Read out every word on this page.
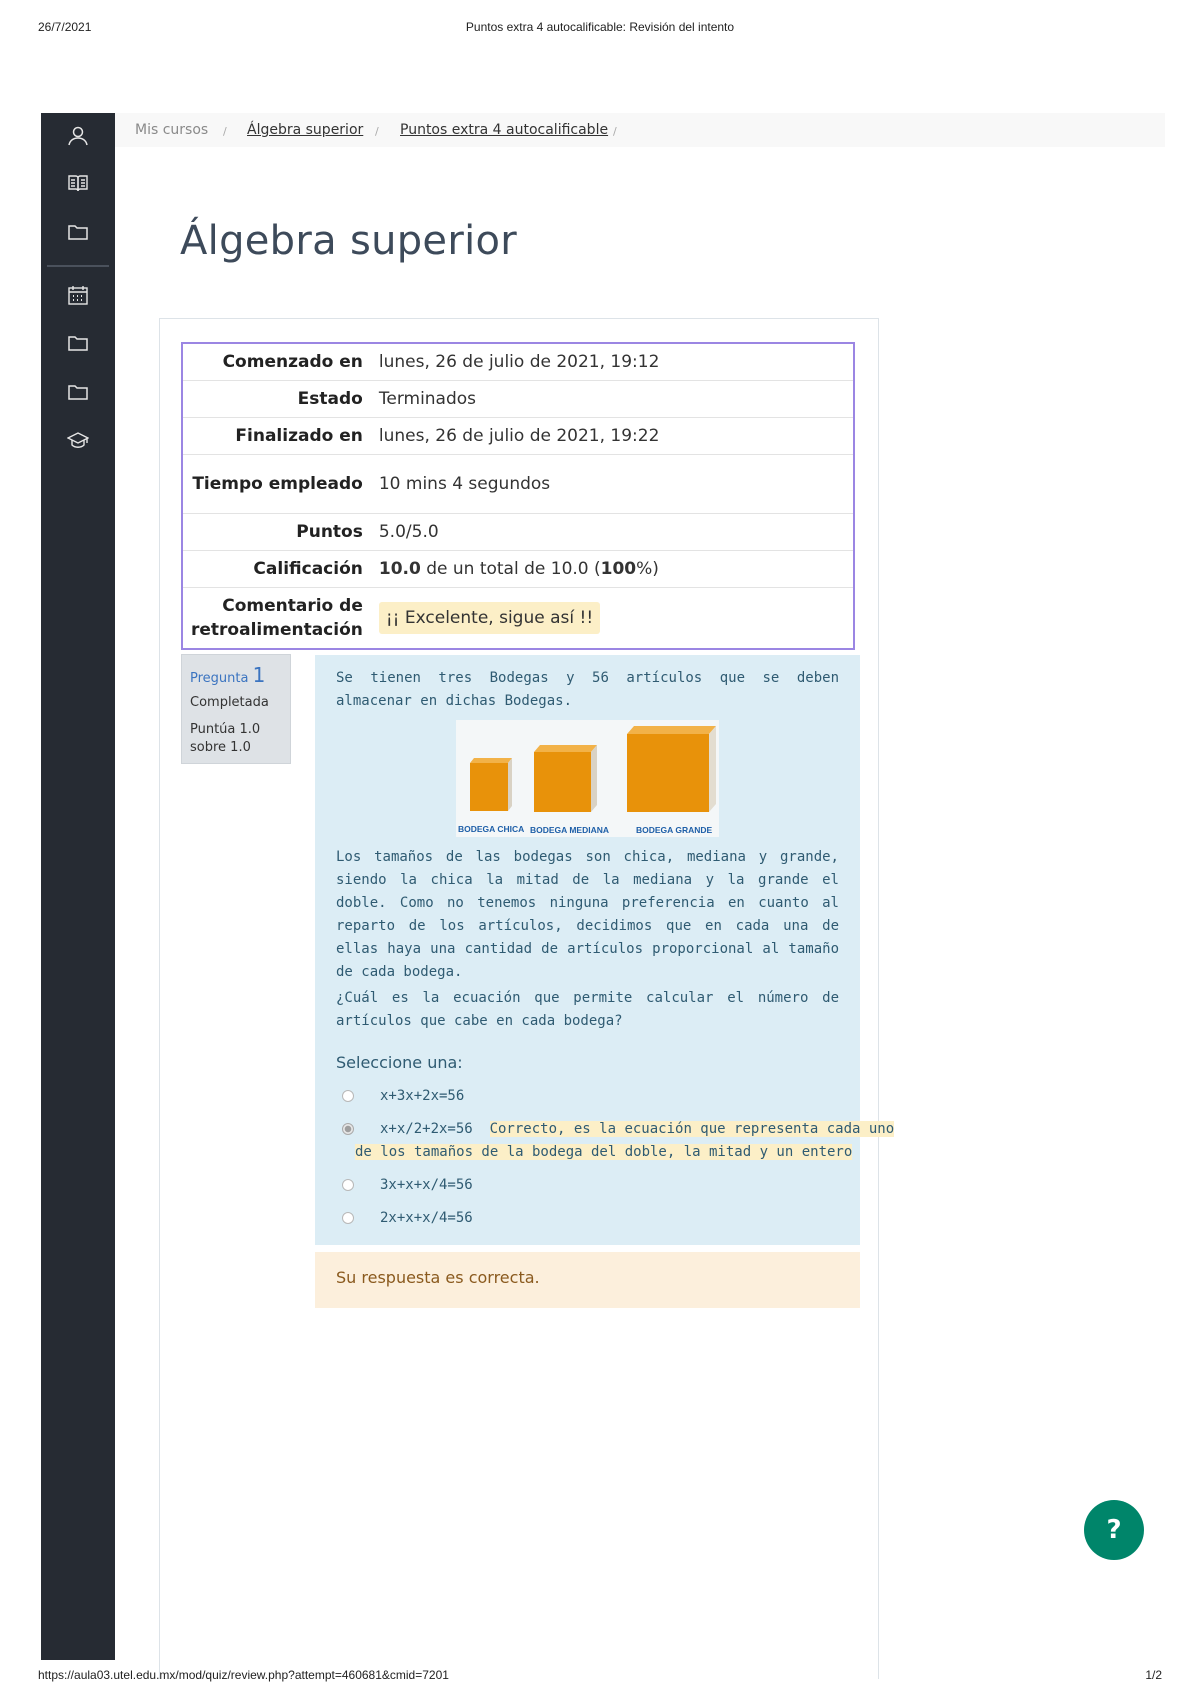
26/7/2021	Puntos extra 4 autocalificable: Revisión del intento
Mis cursos / Álgebra superior / Puntos extra 4 autocalificable /
Álgebra superior
Comenzado en	lunes, 26 de julio de 2021, 19:12
Estado	Terminados
Finalizado en	lunes, 26 de julio de 2021, 19:22
Tiempo empleado	10 mins 4 segundos
Puntos	5.0/5.0
Calificación	10.0 de un total de 10.0 (100%)
Comentario de retroalimentación	¡¡ Excelente, sigue así !!
Pregunta 1
Completada
Puntúa 1.0 sobre 1.0

Se tienen tres Bodegas y 56 artículos que se deben almacenar en dichas Bodegas.

BODEGA CHICA BODEGA MEDIANA	BODEGA GRANDE

Los tamaños de las bodegas son chica, mediana y grande, siendo la chica la mitad de la mediana y la grande el doble. Como no tenemos ninguna preferencia en cuanto al reparto de los artículos, decidimos que en cada una de ellas haya una cantidad de artículos proporcional al tamaño de cada bodega.

¿Cuál es la ecuación que permite calcular el número de artículos que cabe en cada bodega?

Seleccione una:
x+3x+2x=56
x+x/2+2x=56 Correcto, es la ecuación que representa cada uno
de los tamaños de la bodega del doble, la mitad y un entero
3x+x+x/4=56
2x+x+x/4=56
Su respuesta es correcta.
?
https://aula03.utel.edu.mx/mod/quiz/review.php?attempt=460681&cmid=7201	1/2
